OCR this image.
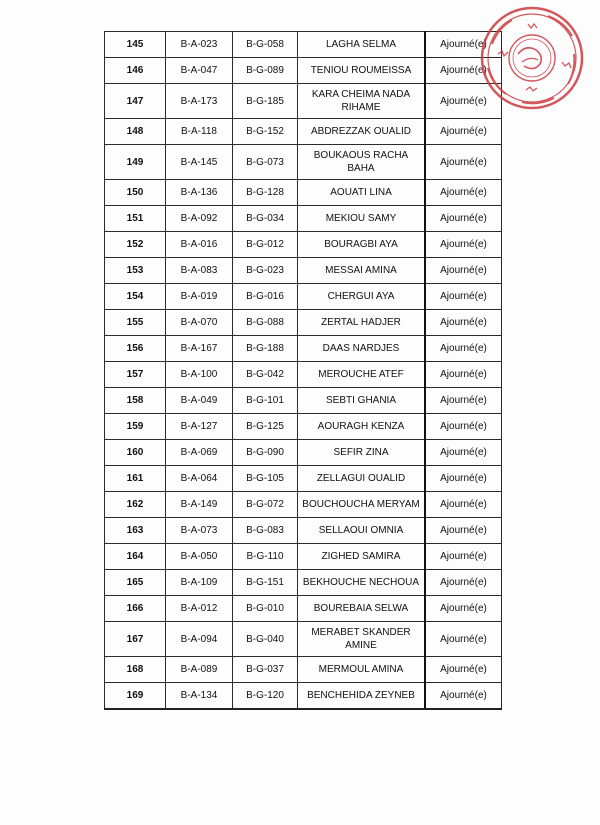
145	B-A-023	B-G-058	LAGHA SELMA	Ajourné(e)
146	B-A-047	B-G-089	TENIOU ROUMEISSA	Ajourné(e)
147	B-A-173	B-G-185	KARA CHEIMA NADA RIHAME	Ajourné(e)
148	B-A-118	B-G-152	ABDREZZAK OUALID	Ajourné(e)
149	B-A-145	B-G-073	BOUKAOUS RACHA BAHA	Ajourné(e)
150	B-A-136	B-G-128	AOUATI LINA	Ajourné(e)
151	B-A-092	B-G-034	MEKIOU SAMY	Ajourné(e)
152	B-A-016	B-G-012	BOURAGBI AYA	Ajourné(e)
153	B-A-083	B-G-023	MESSAI AMINA	Ajourné(e)
154	B-A-019	B-G-016	CHERGUI AYA	Ajourné(e)
155	B-A-070	B-G-088	ZERTAL HADJER	Ajourné(e)
156	B-A-167	B-G-188	DAAS NARDJES	Ajourné(e)
157	B-A-100	B-G-042	MEROUCHE ATEF	Ajourné(e)
158	B-A-049	B-G-101	SEBTI GHANIA	Ajourné(e)
159	B-A-127	B-G-125	AOURAGH KENZA	Ajourné(e)
160	B-A-069	B-G-090	SEFIR ZINA	Ajourné(e)
161	B-A-064	B-G-105	ZELLAGUI OUALID	Ajourné(e)
162	B-A-149	B-G-072	BOUCHOUCHA MERYAM	Ajourné(e)
163	B-A-073	B-G-083	SELLAOUI OMNIA	Ajourné(e)
164	B-A-050	B-G-110	ZIGHED SAMIRA	Ajourné(e)
165	B-A-109	B-G-151	BEKHOUCHE NECHOUA	Ajourné(e)
166	B-A-012	B-G-010	BOUREBAIA SELWA	Ajourné(e)
167	B-A-094	B-G-040	MERABET SKANDER AMINE	Ajourné(e)
168	B-A-089	B-G-037	MERMOUL AMINA	Ajourné(e)
169	B-A-134	B-G-120	BENCHEHIDA ZEYNEB	Ajourné(e)
